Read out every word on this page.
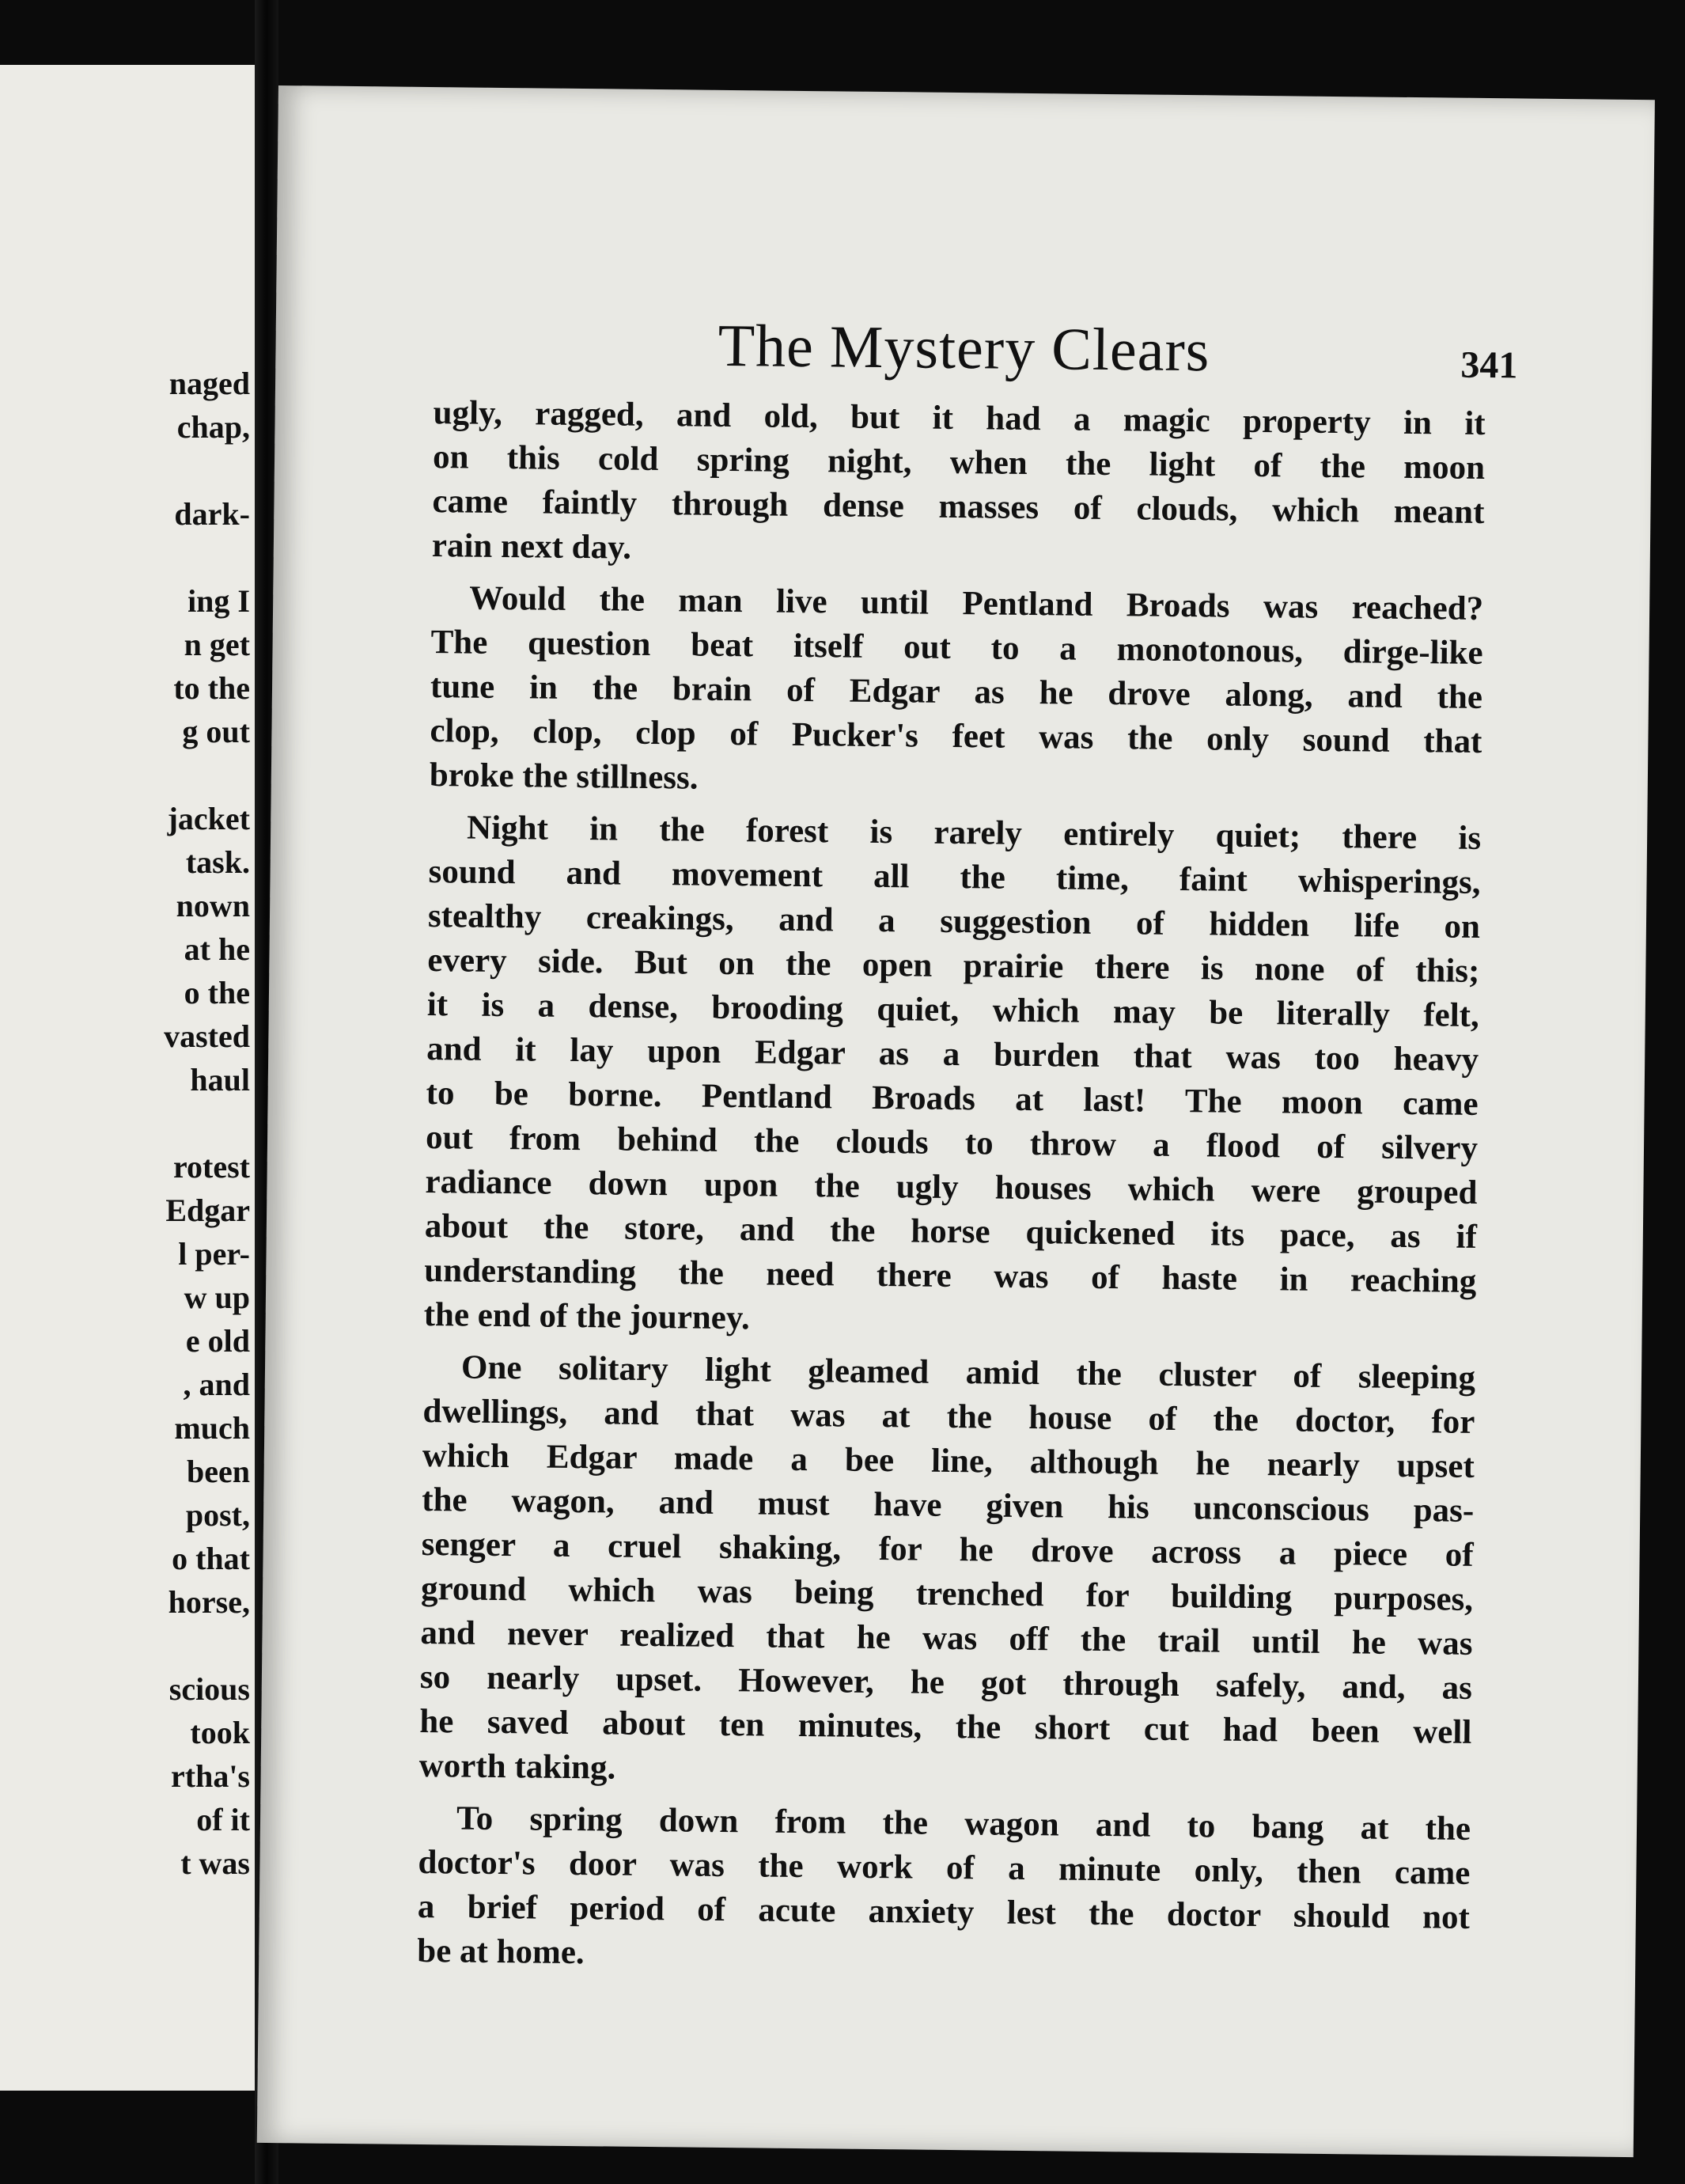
naged
chap,
dark-
ing I
n get
to the
g out
jacket
task.
nown
at he
o the
vasted
haul
rotest
Edgar
l per-
w up
e old
, and
much
been
post,
o that
horse,
scious
took
rtha's
of it
t was
The Mystery Clears	341
ugly, ragged, and old, but it had a magic property in it
on this cold spring night, when the light of the moon
came faintly through dense masses of clouds, which meant
rain next day.
Would the man live until Pentland Broads was reached?
The question beat itself out to a monotonous, dirge-like
tune in the brain of Edgar as he drove along, and the
clop, clop, clop of Pucker's feet was the only sound that
broke the stillness.
Night in the forest is rarely entirely quiet; there is
sound and movement all the time, faint whisperings,
stealthy creakings, and a suggestion of hidden life on
every side. But on the open prairie there is none of this;
it is a dense, brooding quiet, which may be literally felt,
and it lay upon Edgar as a burden that was too heavy
to be borne. Pentland Broads at last! The moon came
out from behind the clouds to throw a flood of silvery
radiance down upon the ugly houses which were grouped
about the store, and the horse quickened its pace, as if
understanding the need there was of haste in reaching
the end of the journey.
One solitary light gleamed amid the cluster of sleeping
dwellings, and that was at the house of the doctor, for
which Edgar made a bee line, although he nearly upset
the wagon, and must have given his unconscious pas-
senger a cruel shaking, for he drove across a piece of
ground which was being trenched for building purposes,
and never realized that he was off the trail until he was
so nearly upset. However, he got through safely, and, as
he saved about ten minutes, the short cut had been well
worth taking.
To spring down from the wagon and to bang at the
doctor's door was the work of a minute only, then came
a brief period of acute anxiety lest the doctor should not
be at home.
